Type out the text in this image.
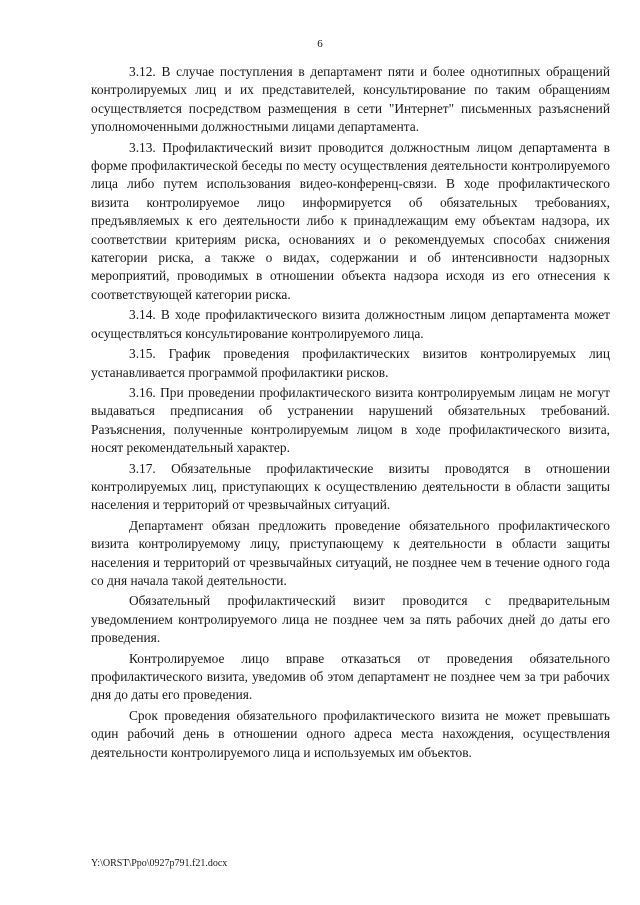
6

3.12. В случае поступления в департамент пяти и более однотипных обращений контролируемых лиц и их представителей, консультирование по таким обращениям осуществляется посредством размещения в сети "Интернет" письменных разъяснений уполномоченными должностными лицами департамента.

3.13. Профилактический визит проводится должностным лицом департамента в форме профилактической беседы по месту осуществления деятельности контролируемого лица либо путем использования видео-конференц-связи. В ходе профилактического визита контролируемое лицо информируется об обязательных требованиях, предъявляемых к его деятельности либо к принадлежащим ему объектам надзора, их соответствии критериям риска, основаниях и о рекомендуемых способах снижения категории риска, а также о видах, содержании и об интенсивности надзорных мероприятий, проводимых в отношении объекта надзора исходя из его отнесения к соответствующей категории риска.

3.14. В ходе профилактического визита должностным лицом департамента может осуществляться консультирование контролируемого лица.

3.15. График проведения профилактических визитов контролируемых лиц устанавливается программой профилактики рисков.

3.16. При проведении профилактического визита контролируемым лицам не могут выдаваться предписания об устранении нарушений обязательных требований. Разъяснения, полученные контролируемым лицом в ходе профилактического визита, носят рекомендательный характер.

3.17. Обязательные профилактические визиты проводятся в отношении контролируемых лиц, приступающих к осуществлению деятельности в области защиты населения и территорий от чрезвычайных ситуаций.

Департамент обязан предложить проведение обязательного профилактического визита контролируемому лицу, приступающему к деятельности в области защиты населения и территорий от чрезвычайных ситуаций, не позднее чем в течение одного года со дня начала такой деятельности.

Обязательный профилактический визит проводится с предварительным уведомлением контролируемого лица не позднее чем за пять рабочих дней до даты его проведения.

Контролируемое лицо вправе отказаться от проведения обязательного профилактического визита, уведомив об этом департамент не позднее чем за три рабочих дня до даты его проведения.

Срок проведения обязательного профилактического визита не может превышать один рабочий день в отношении одного адреса места нахождения, осуществления деятельности контролируемого лица и используемых им объектов.

Y:\ORST\Ppo\0927p791.f21.docx
